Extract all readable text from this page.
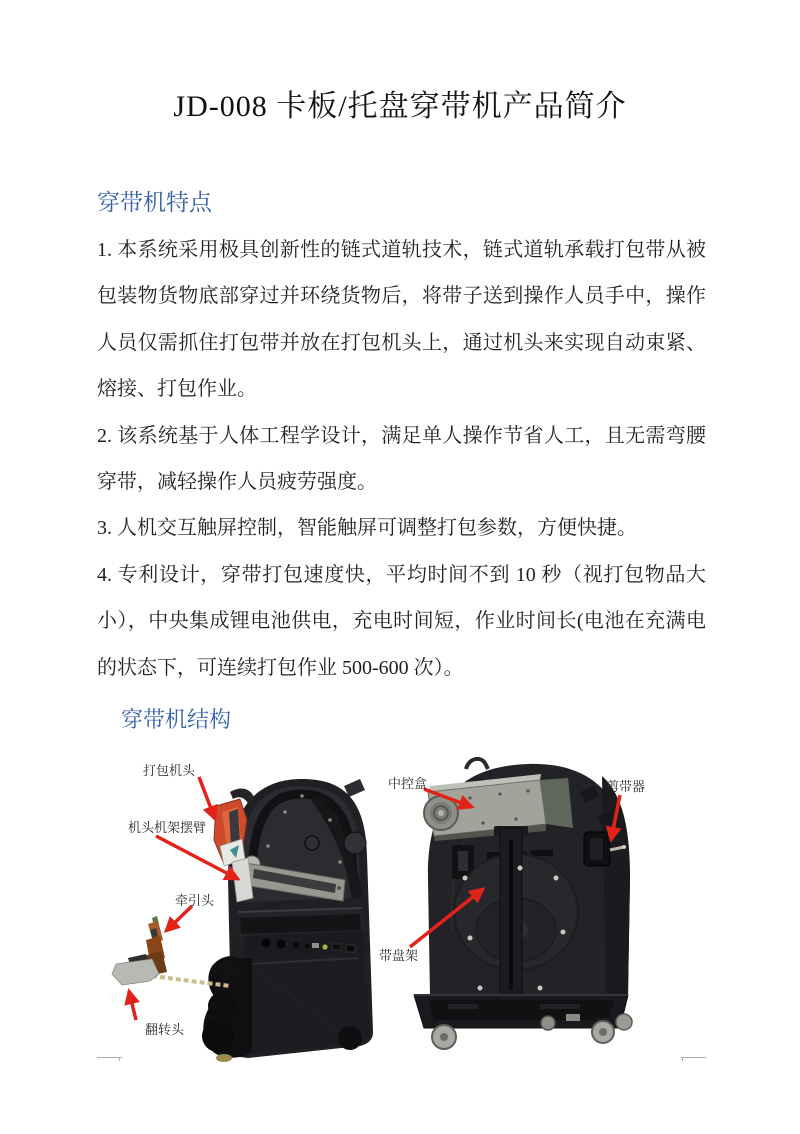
JD-008 卡板/托盘穿带机产品简介
穿带机特点
1. 本系统采用极具创新性的链式道轨技术，链式道轨承载打包带从被
包装物货物底部穿过并环绕货物后，将带子送到操作人员手中，操作
人员仅需抓住打包带并放在打包机头上，通过机头来实现自动束紧、
熔接、打包作业。
2. 该系统基于人体工程学设计，满足单人操作节省人工，且无需弯腰
穿带，减轻操作人员疲劳强度。
3. 人机交互触屏控制，智能触屏可调整打包参数，方便快捷。
4. 专利设计，穿带打包速度快，平均时间不到 10 秒（视打包物品大
小），中央集成锂电池供电，充电时间短，作业时间长(电池在充满电
的状态下，可连续打包作业 500-600 次）。
穿带机结构
打包机头
机头机架摆臂
牵引头
翻转头
中控盒	剪带器
带盘架
